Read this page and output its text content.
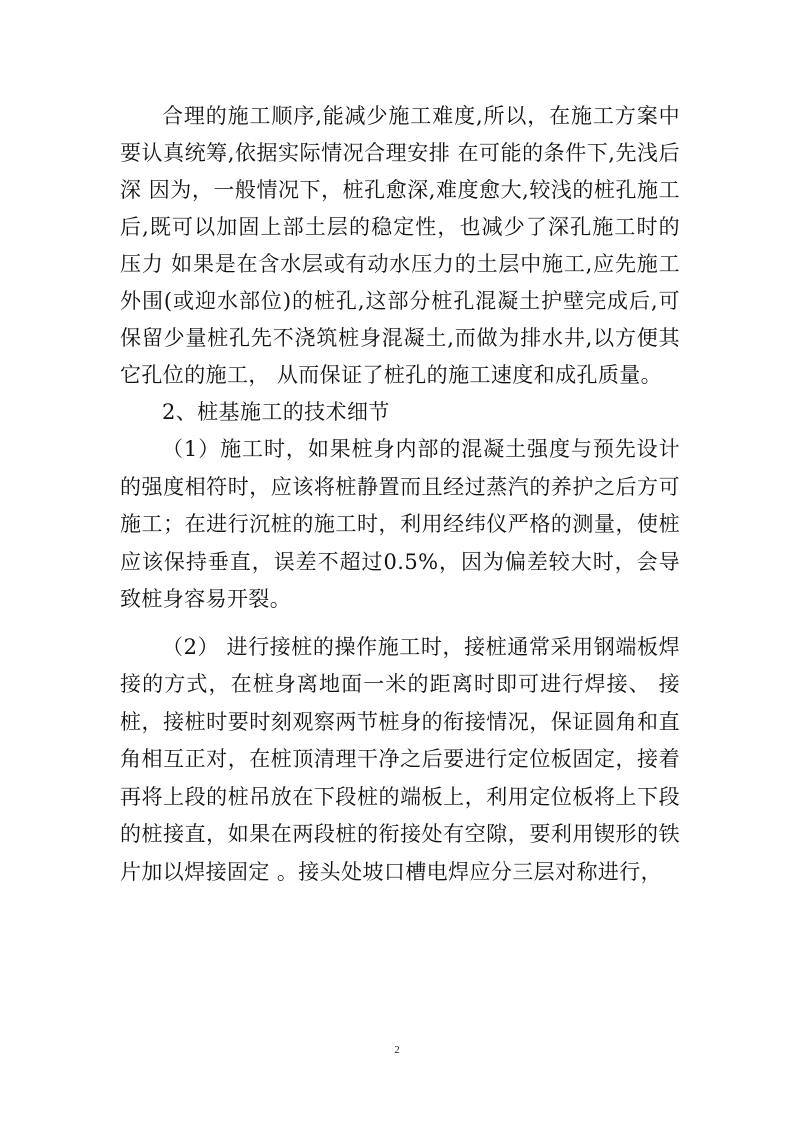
合理的施工顺序,能减少施工难度,所以，在施工方案中要认真统筹,依据实际情况合理安排 在可能的条件下,先浅后深 因为，一般情况下，桩孔愈深,难度愈大,较浅的桩孔施工后,既可以加固上部土层的稳定性，也减少了深孔施工时的压力 如果是在含水层或有动水压力的土层中施工,应先施工外围(或迎水部位)的桩孔,这部分桩孔混凝土护壁完成后,可保留少量桩孔先不浇筑桩身混凝土,而做为排水井,以方便其它孔位的施工， 从而保证了桩孔的施工速度和成孔质量。

2、桩基施工的技术细节

（1）施工时，如果桩身内部的混凝土强度与预先设计的强度相符时，应该将桩静置而且经过蒸汽的养护之后方可施工；在进行沉桩的施工时，利用经纬仪严格的测量，使桩应该保持垂直，误差不超过0.5%，因为偏差较大时，会导致桩身容易开裂。

（2） 进行接桩的操作施工时，接桩通常采用钢端板焊接的方式，在桩身离地面一米的距离时即可进行焊接、 接桩，接桩时要时刻观察两节桩身的衔接情况，保证圆角和直角相互正对，在桩顶清理干净之后要进行定位板固定，接着再将上段的桩吊放在下段桩的端板上，利用定位板将上下段的桩接直，如果在两段桩的衔接处有空隙，要利用锲形的铁片加以焊接固定 。接头处坡口槽电焊应分三层对称进行，

2
